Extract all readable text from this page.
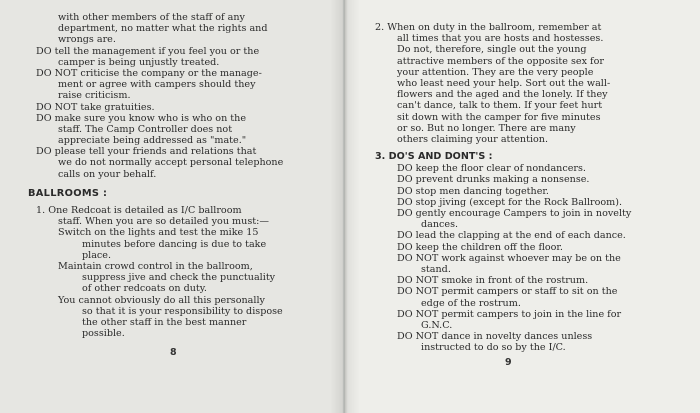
with other members of the staff of any
department, no matter what the rights and
wrongs are.
DO tell the management if you feel you or the
camper is being unjustly treated.
DO NOT criticise the company or the manage-
ment or agree with campers should they
raise criticism.
DO NOT take gratuities.
DO make sure you know who is who on the
staff. The Camp Controller does not
appreciate being addressed as "mate."
DO please tell your friends and relations that
we do not normally accept personal telephone
calls on your behalf.
BALLROOMS :
1. One Redcoat is detailed as I/C ballroom
staff. When you are so detailed you must:—
Switch on the lights and test the mike 15
minutes before dancing is due to take
place.
Maintain crowd control in the ballroom,
suppress jive and check the punctuality
of other redcoats on duty.
You cannot obviously do all this personally
so that it is your responsibility to dispose
the other staff in the best manner
possible.
8
2. When on duty in the ballroom, remember at
all times that you are hosts and hostesses.
Do not, therefore, single out the young
attractive members of the opposite sex for
your attention. They are the very people
who least need your help. Sort out the wall-
flowers and the aged and the lonely. If they
can't dance, talk to them. If your feet hurt
sit down with the camper for five minutes
or so. But no longer. There are many
others claiming your attention.
3. DO'S AND DONT'S :
DO keep the floor clear of nondancers.
DO prevent drunks making a nonsense.
DO stop men dancing together.
DO stop jiving (except for the Rock Ballroom).
DO gently encourage Campers to join in novelty
dances.
DO lead the clapping at the end of each dance.
DO keep the children off the floor.
DO NOT work against whoever may be on the
stand.
DO NOT smoke in front of the rostrum.
DO NOT permit campers or staff to sit on the
edge of the rostrum.
DO NOT permit campers to join in the line for
G.N.C.
DO NOT dance in novelty dances unless
instructed to do so by the I/C.
9
